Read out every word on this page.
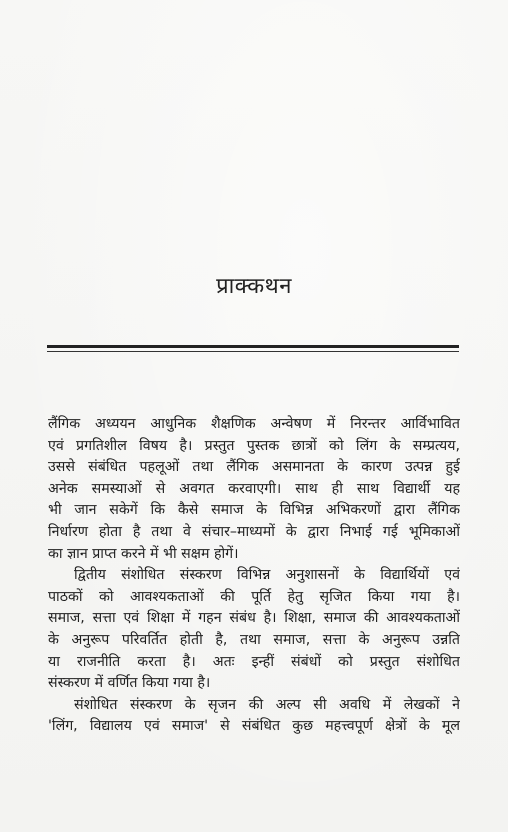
प्राक्कथन
लैंगिक अध्ययन आधुनिक शैक्षणिक अन्वेषण में निरन्तर आर्विभावित
एवं प्रगतिशील विषय है। प्रस्तुत पुस्तक छात्रों को लिंग के सम्प्रत्यय,
उससे संबंधित पहलूओं तथा लैंगिक असमानता के कारण उत्पन्न हुई
अनेक समस्याओं से अवगत करवाएगी। साथ ही साथ विद्यार्थी यह
भी जान सकेगें कि कैसे समाज के विभिन्न अभिकरणों द्वारा लैंगिक
निर्धारण होता है तथा वे संचार–माध्यमों के द्वारा निभाई गई भूमिकाओं
का ज्ञान प्राप्त करने में भी सक्षम होगें।
द्वितीय संशोधित संस्करण विभिन्न अनुशासनों के विद्यार्थियों एवं
पाठकों को आवश्यकताओं की पूर्ति हेतु सृजित किया गया है।
समाज, सत्ता एवं शिक्षा में गहन संबंध है। शिक्षा, समाज की आवश्यकताओं
के अनुरूप परिवर्तित होती है, तथा समाज, सत्ता के अनुरूप उन्नति
या राजनीति करता है। अतः इन्हीं संबंधों को प्रस्तुत संशोधित
संस्करण में वर्णित किया गया है।
संशोधित संस्करण के सृजन की अल्प सी अवधि में लेखकों ने
'लिंग, विद्यालय एवं समाज' से संबंधित कुछ महत्त्वपूर्ण क्षेत्रों के मूल
